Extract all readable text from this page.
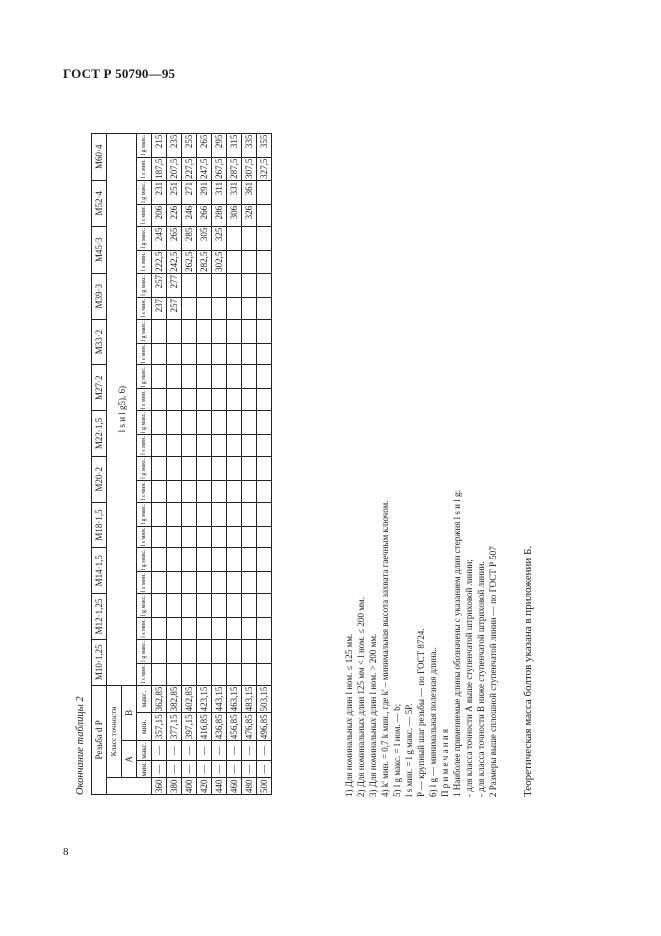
ГОСТ Р 50790—95
8
Окончание таблицы 2 Резьба d P					М10·1,25		М12·1,25		М14·1,5		М18·1,5		М20·2		М22·1,5		М27·2		М33·2		М39·3		М45·3		М52·4		М60·4	
	Класс точности				l s и l g5), 6)																							
	А		В																									
	мин.	макс.	мин.	макс.	l s мин.	l g макс.	l s мин.	l g макс.	l s мин.	l g макс.	l s мин.	l g макс.	l s мин.	l g макс.	l s мин.	l g макс.	l s мин.	l g макс.	l s мин.	l g макс.	l s мин.	l g макс.	l s мин.	l g макс.	l s мин.	l g макс.	l s мин.	l g макс.
360	—	—	357,15	362,85																	237	257	222,5	245	206	231	187,5	215
380	—	—	377,15	382,85																	257	277	242,5	265	226	251	207,5	235
400	—	—	397,15	402,85																			262,5	285	246	271	227,5	255
420	—	—	416,85	423,15																			282,5	305	266	291	247,5	265
440	—	—	436,85	443,15																			302,5	325	286	311	267,5	295
460	—	—	456,85	463,15																					306	331	287,5	315
480	—	—	476,85	483,15																					326	361	307,5	335
500	—	—	496,85	503,15																							327,5	355
1) Для номинальных длин l ном. ≤ 125 мм. 2) Для номинальных длин 125 мм < l ном. ≤ 200 мм. 3) Для номинальных длин l ном. > 200 мм. 4) k' мин. = 0,7 k мин., где k' – минимальная высота захвата гаечным ключом. 5) l g макс. = l ном. — b; l s мин. = l g макс. — 5P. P — крупный шаг резьбы — по ГОСТ 8724. 6) l g — минимальная полезная длина.. П р и м е ч а н и я 1 Наиболее применяемые длины обозначены с указанием длин стержня l s и l g: - для класса точности А выше ступенчатой штриховой линии; - для класса точности В ниже ступенчатой штриховой линии. 2 Размеры выше сплошной ступенчатой линии — по ГОСТ Р 507 Теоретическая масса болтов указана в приложении Б.
